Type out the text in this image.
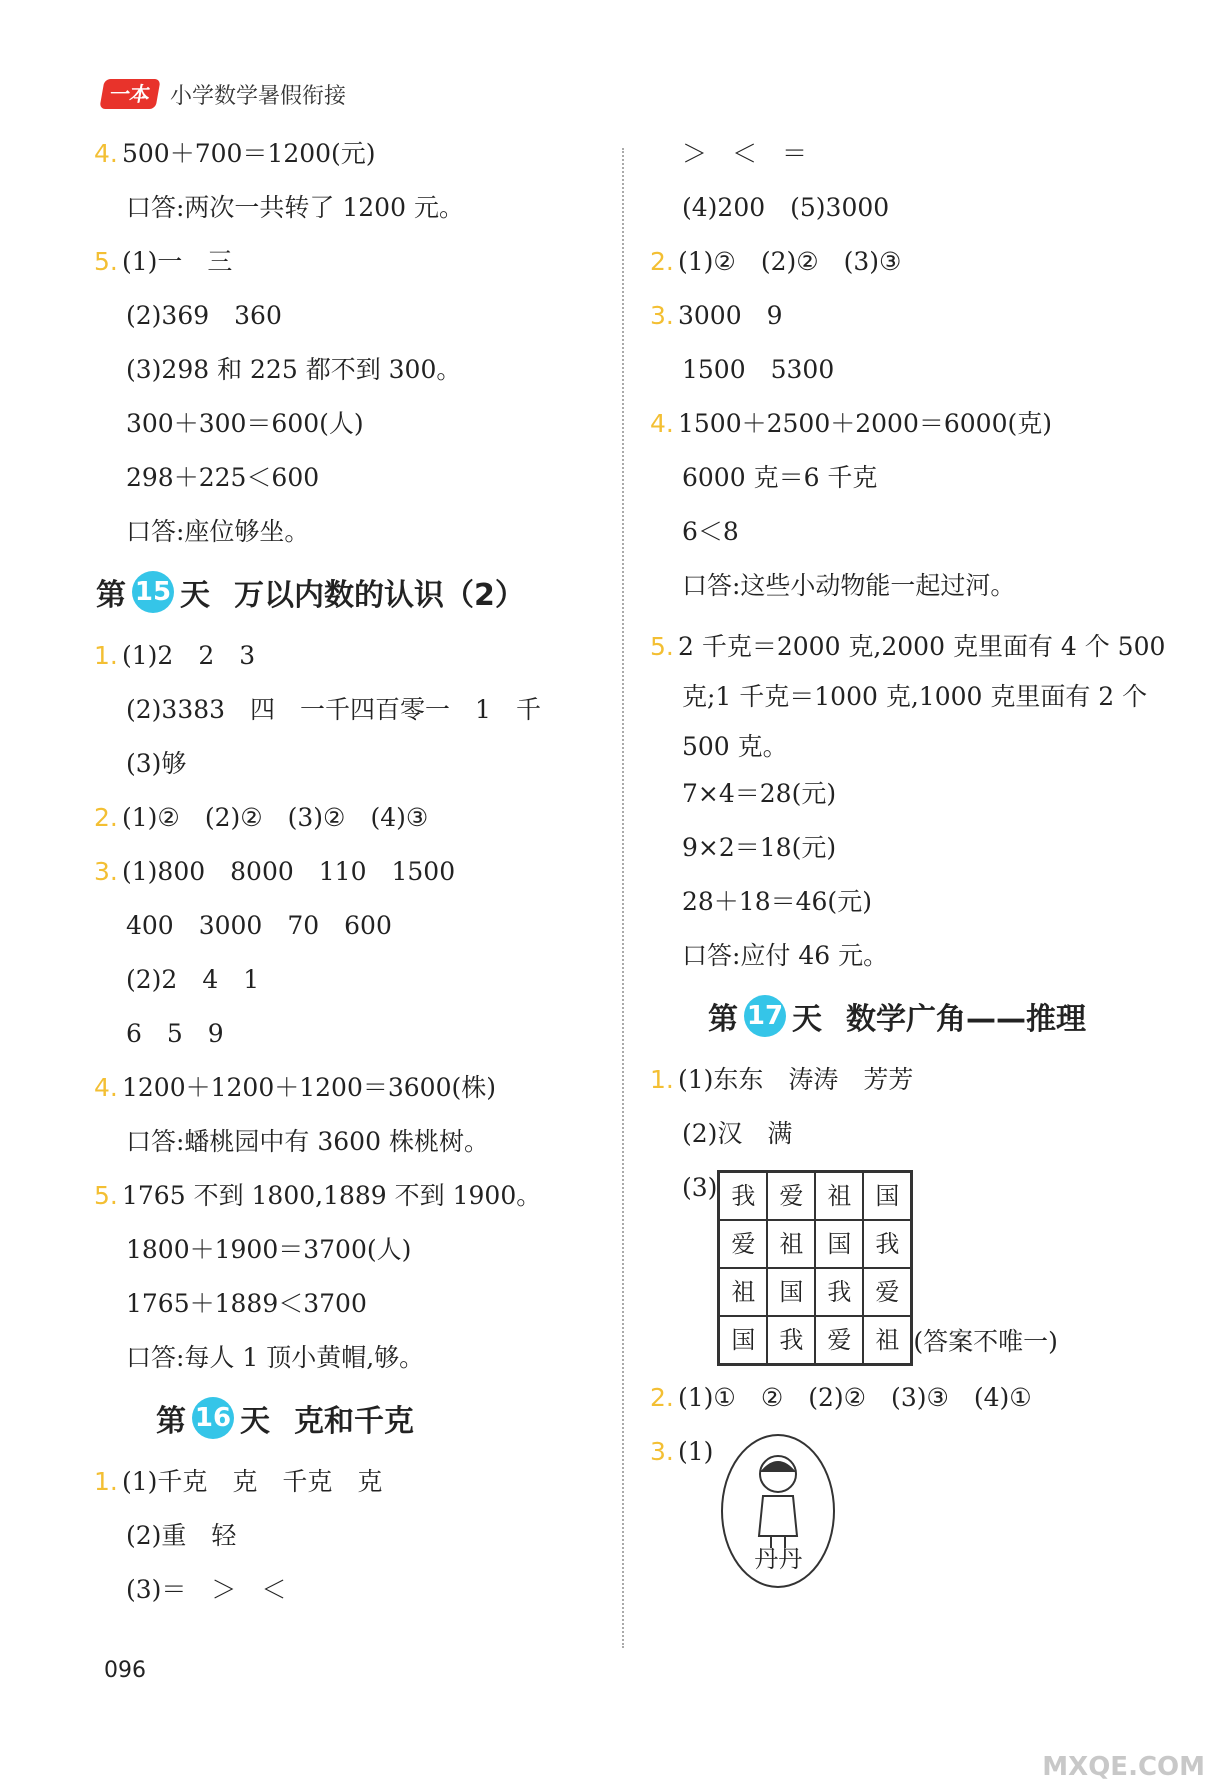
一本 小学数学暑假衔接
4. 500＋700＝1200(元)
口答:两次一共转了 1200 元。
5. (1)一　三
(2)369　360
(3)298 和 225 都不到 300。
300＋300＝600(人)
298＋225＜600
口答:座位够坐。
第 15 天 万以内数的认识（2）
1. (1)2　2　3
(2)3383　四　一千四百零一　1　千
(3)够
2. (1)②　(2)②　(3)②　(4)③
3. (1)800　8000　110　1500
400　3000　70　600
(2)2　4　1
6　5　9
4. 1200＋1200＋1200＝3600(株)
口答:蟠桃园中有 3600 株桃树。
5. 1765 不到 1800,1889 不到 1900。
1800＋1900＝3700(人)
1765＋1889＜3700
口答:每人 1 顶小黄帽,够。
第 16 天 克和千克
1. (1)千克　克　千克　克
(2)重　轻
(3)＝　＞　＜
＞　＜　＝
(4)200　(5)3000
2. (1)②　(2)②　(3)③
3. 3000　9
1500　5300
4. 1500＋2500＋2000＝6000(克)
6000 克＝6 千克
6＜8
口答:这些小动物能一起过河。
5. 2 千克＝2000 克,2000 克里面有 4 个 500 克;1 千克＝1000 克,1000 克里面有 2 个 500 克。
7×4＝28(元)
9×2＝18(元)
28＋18＝46(元)
口答:应付 46 元。
第 17 天 数学广角——推理
1. (1)东东　涛涛　芳芳
(2)汉　满
(3) 我	爱	祖	国
爱	祖	国	我
祖	国	我	爱
国	我	爱	祖 (答案不唯一)
2. (1)①　②　(2)②　(3)③　(4)①
3. (1)
丹丹
096
MXQE.COM
